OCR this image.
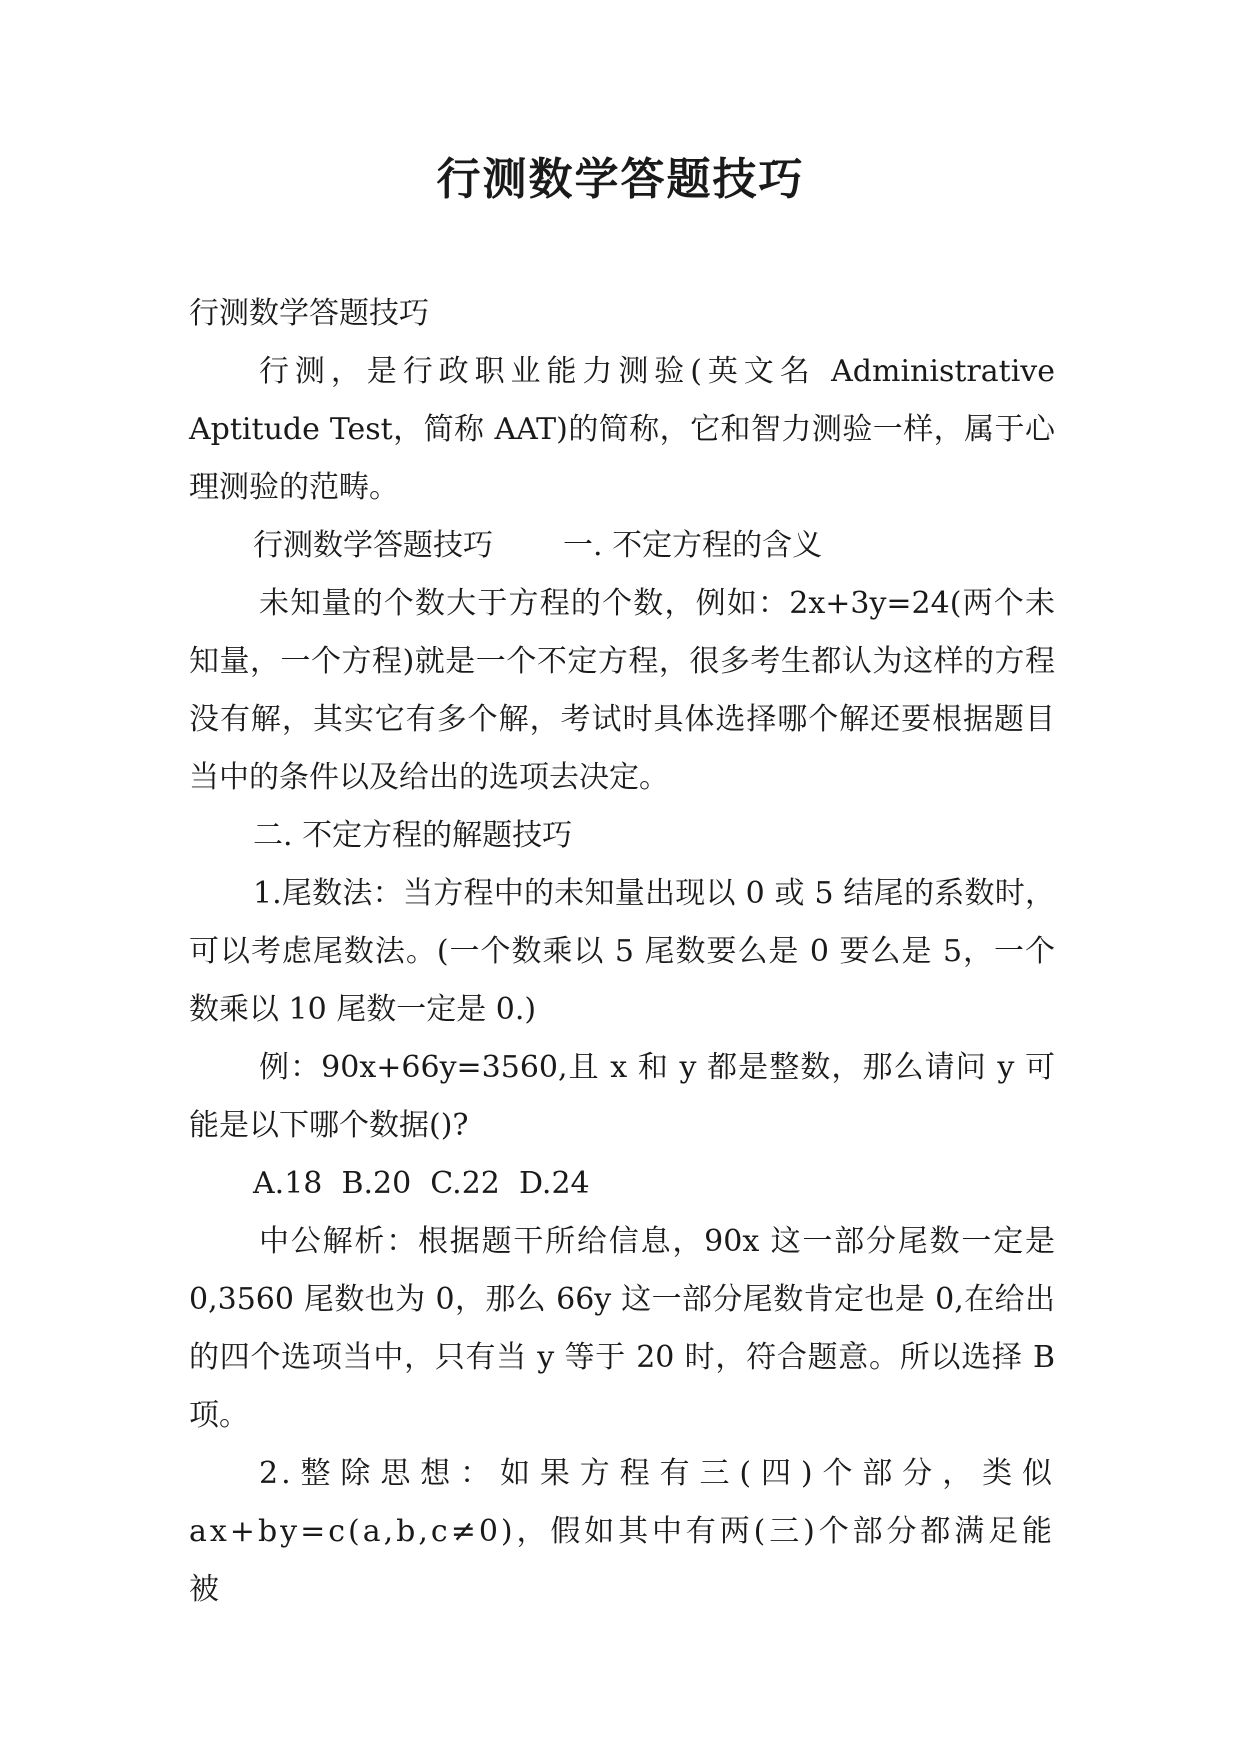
行测数学答题技巧

行测数学答题技巧

行测，是行政职业能力测验(英文名 Administrative Aptitude Test，简称 AAT)的简称，它和智力测验一样，属于心理测验的范畴。

行测数学答题技巧 一. 不定方程的含义

未知量的个数大于方程的个数，例如：2x+3y=24(两个未知量，一个方程)就是一个不定方程，很多考生都认为这样的方程没有解，其实它有多个解，考试时具体选择哪个解还要根据题目当中的条件以及给出的选项去决定。

二. 不定方程的解题技巧

1.尾数法：当方程中的未知量出现以 0 或 5 结尾的系数时，可以考虑尾数法。(一个数乘以 5 尾数要么是 0 要么是 5，一个数乘以 10 尾数一定是 0.)

例：90x+66y=3560,且 x 和 y 都是整数，那么请问 y 可能是以下哪个数据()?

A.18  B.20  C.22  D.24

中公解析：根据题干所给信息，90x 这一部分尾数一定是 0,3560 尾数也为 0，那么 66y 这一部分尾数肯定也是 0,在给出的四个选项当中，只有当 y 等于 20 时，符合题意。所以选择 B 项。

2.整除思想：如果方程有三(四)个部分，类似 ax+by=c(a,b,c≠0)，假如其中有两(三)个部分都满足能被
